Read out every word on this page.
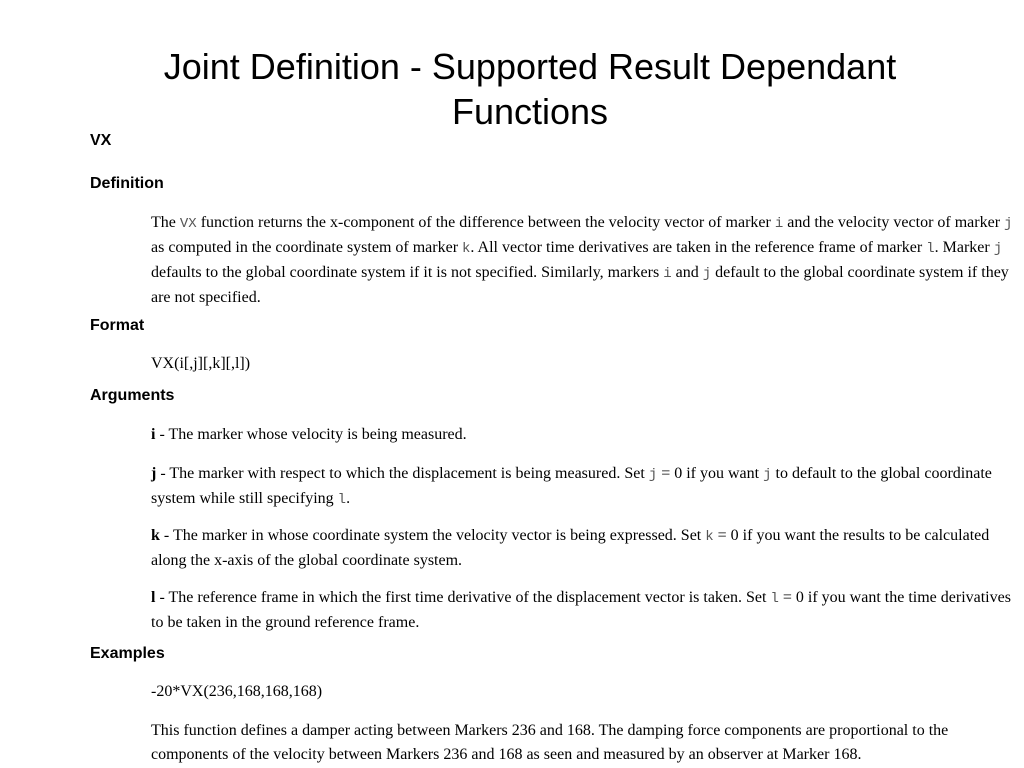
Joint Definition - Supported Result Dependant
Functions
VX
Definition

The VX function returns the x-component of the difference between the velocity vector of marker i and the velocity vector of marker j as computed in the coordinate system of marker k. All vector time derivatives are taken in the reference frame of marker l. Marker j defaults to the global coordinate system if it is not specified. Similarly, markers i and j default to the global coordinate system if they are not specified.

Format

VX(i[,j][,k][,l])

Arguments

i - The marker whose velocity is being measured.

j - The marker with respect to which the displacement is being measured. Set j = 0 if you want j to default to the global coordinate system while still specifying l.

k - The marker in whose coordinate system the velocity vector is being expressed. Set k = 0 if you want the results to be calculated along the x-axis of the global coordinate system.

l - The reference frame in which the first time derivative of the displacement vector is taken. Set l = 0 if you want the time derivatives to be taken in the ground reference frame.

Examples

-20*VX(236,168,168,168)

This function defines a damper acting between Markers 236 and 168. The damping force components are proportional to the components of the velocity between Markers 236 and 168 as seen and measured by an observer at Marker 168.
